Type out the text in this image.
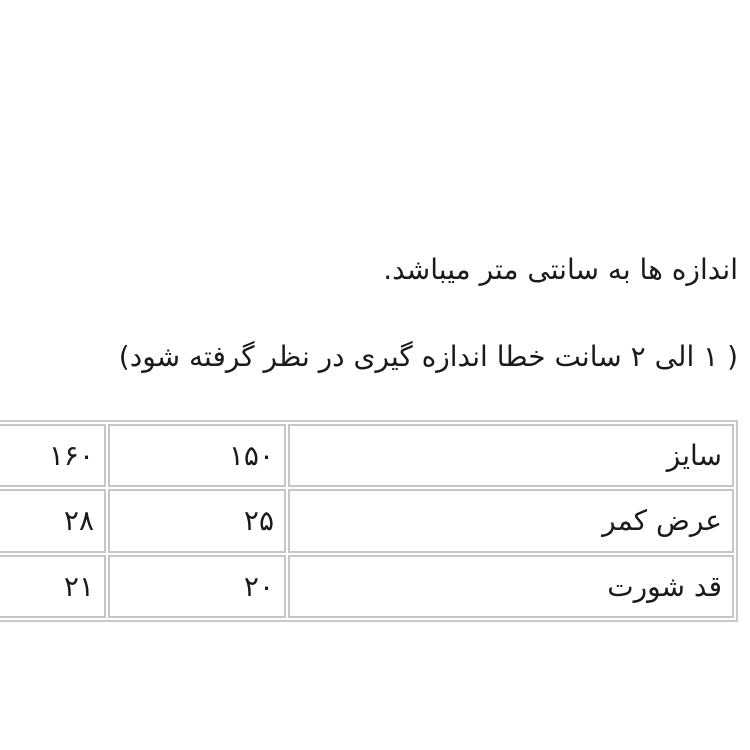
اندازه ها به سانتی متر میباشد.

( ۱ الی ۲ سانت خطا اندازه گیری در نظر گرفته شود)

۱۶۰	۱۵۰	سایز
۲۸	۲۵	عرض کمر
۲۱	۲۰	قد شورت
